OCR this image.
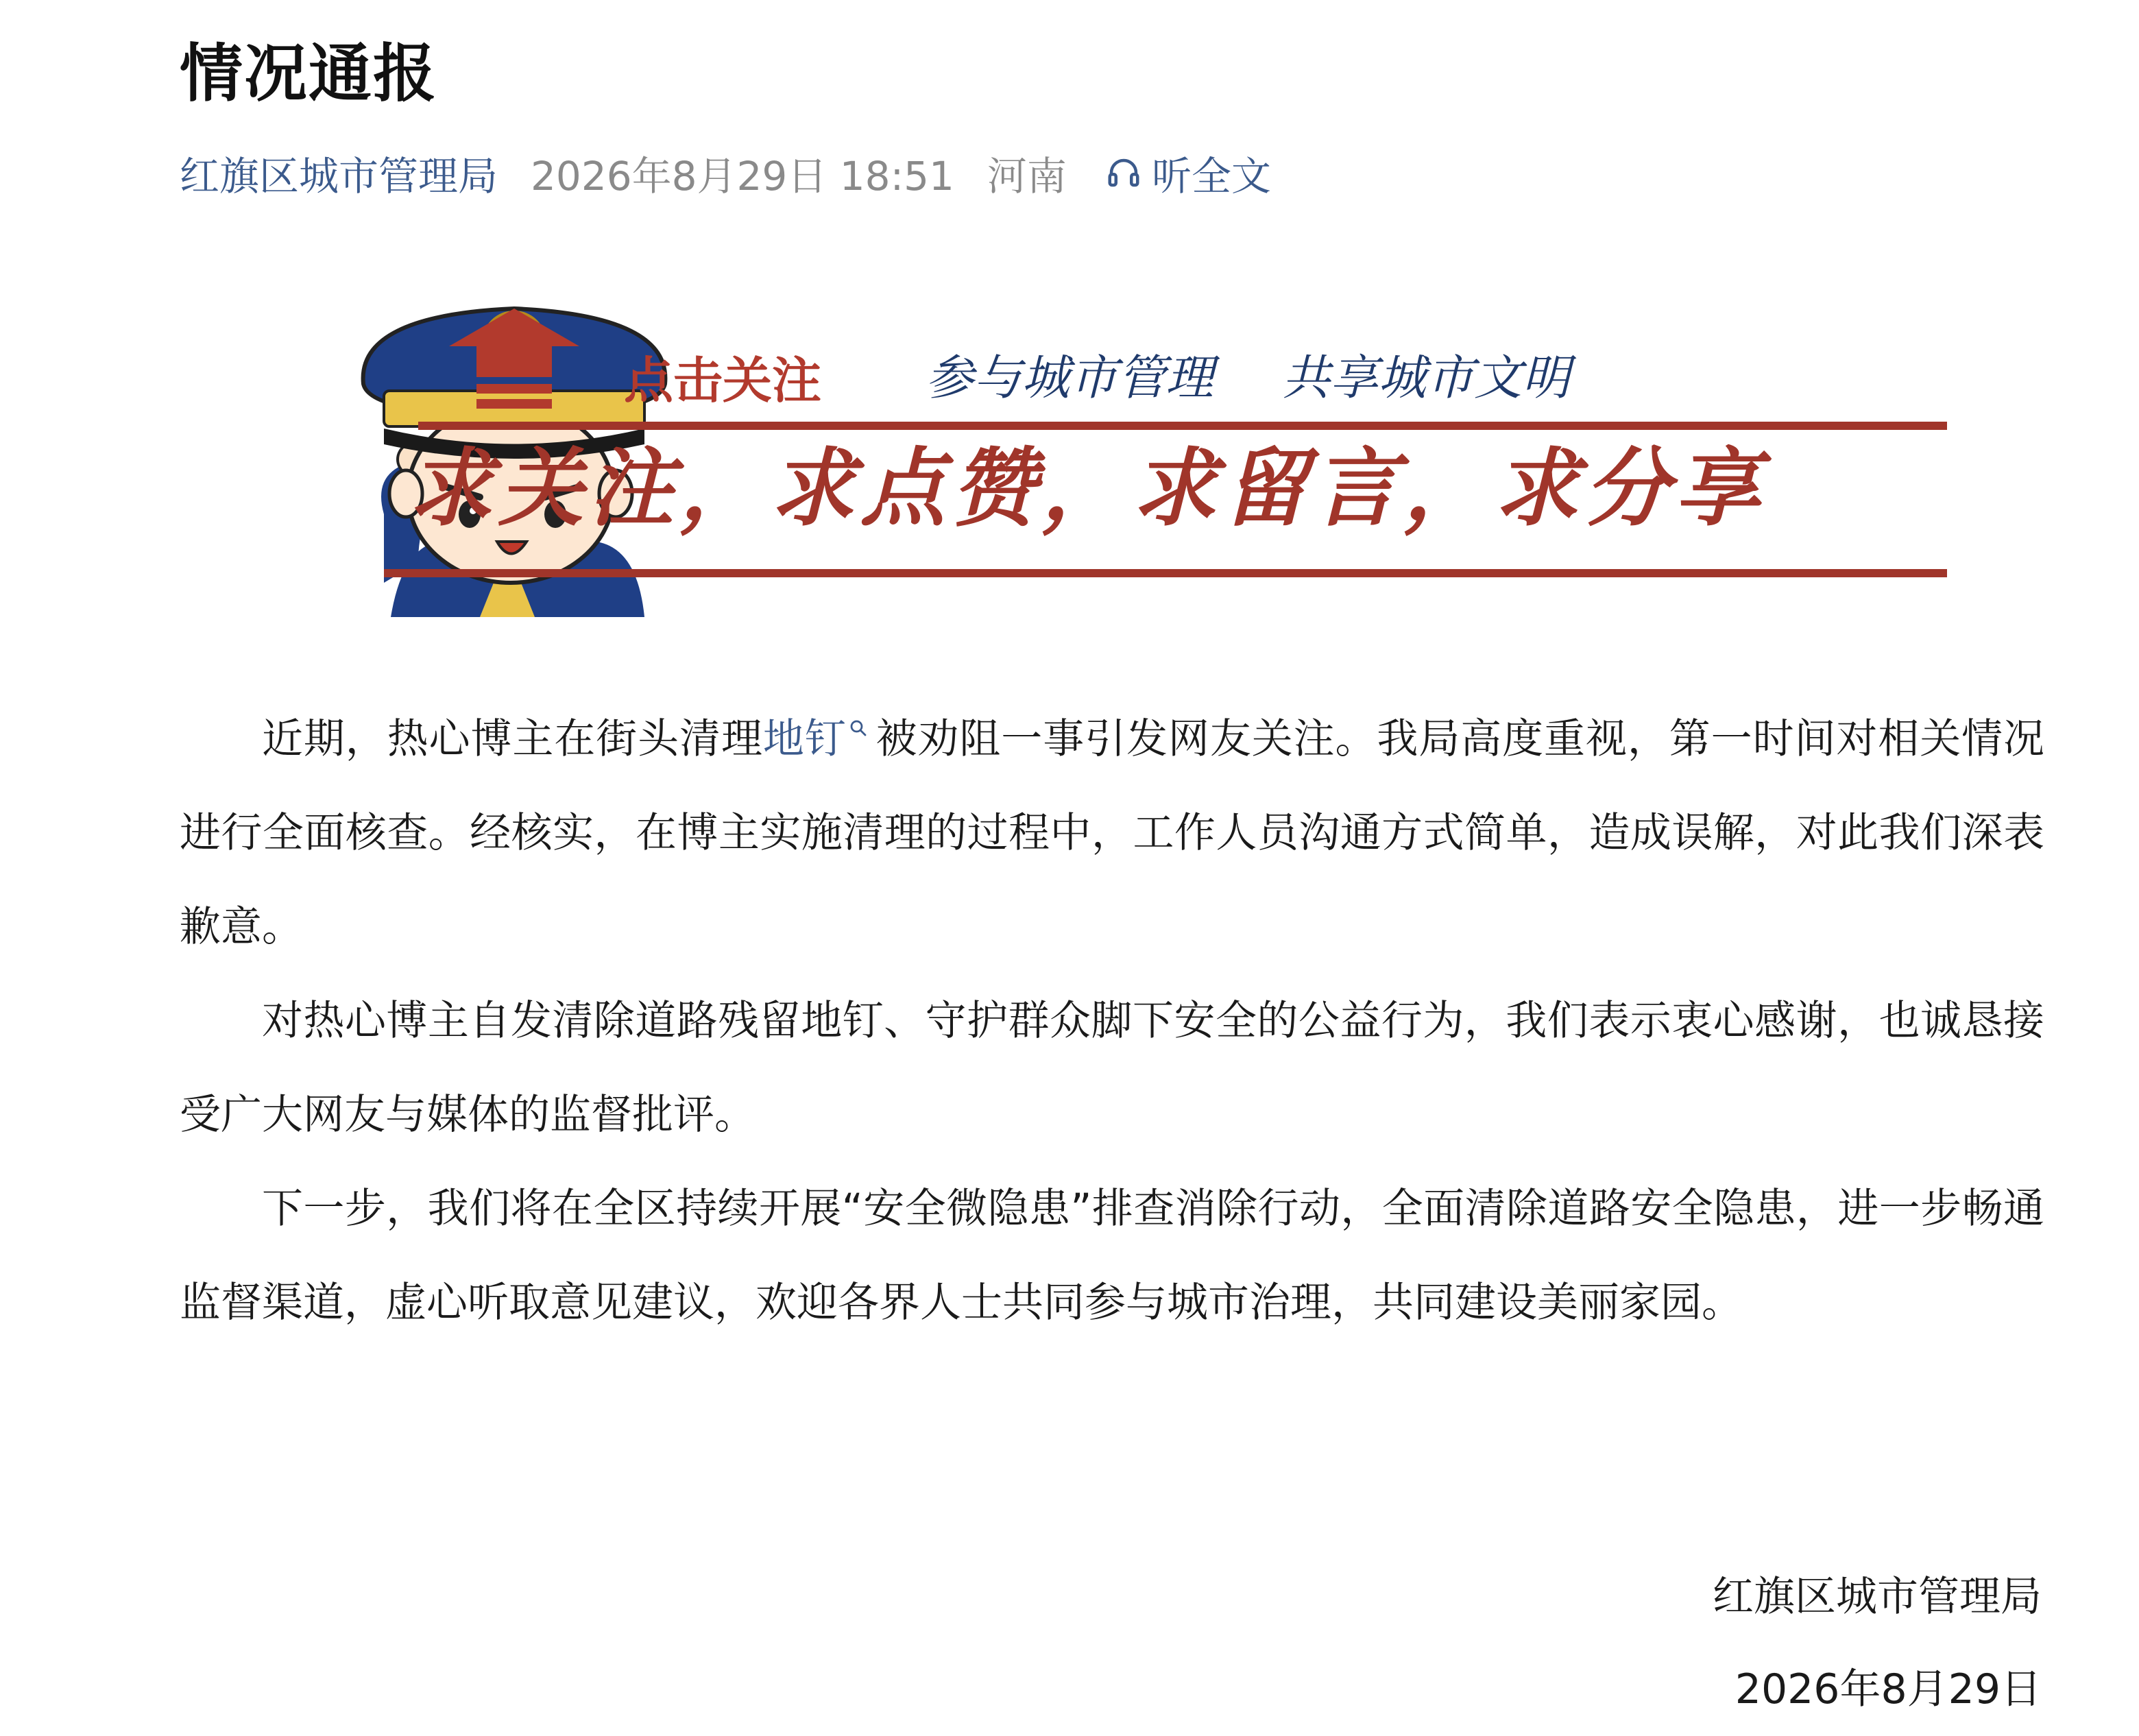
情况通报
红旗区城市管理局 2026年8月29日 18:51 河南 听全文
点击关注 参与城市管理 共享城市文明
求关注，求点赞，求留言，求分享

近期，热心博主在街头清理地钉 被劝阻一事引发网友关注。我局高度重视，第一时间对相关情况进行全面核查。经核实，在博主实施清理的过程中，工作人员沟通方式简单，造成误解，对此我们深表歉意。

对热心博主自发清除道路残留地钉、守护群众脚下安全的公益行为，我们表示衷心感谢，也诚恳接受广大网友与媒体的监督批评。

下一步，我们将在全区持续开展“安全微隐患”排查消除行动，全面清除道路安全隐患，进一步畅通监督渠道，虚心听取意见建议，欢迎各界人士共同参与城市治理，共同建设美丽家园。

红旗区城市管理局
2026年8月29日
